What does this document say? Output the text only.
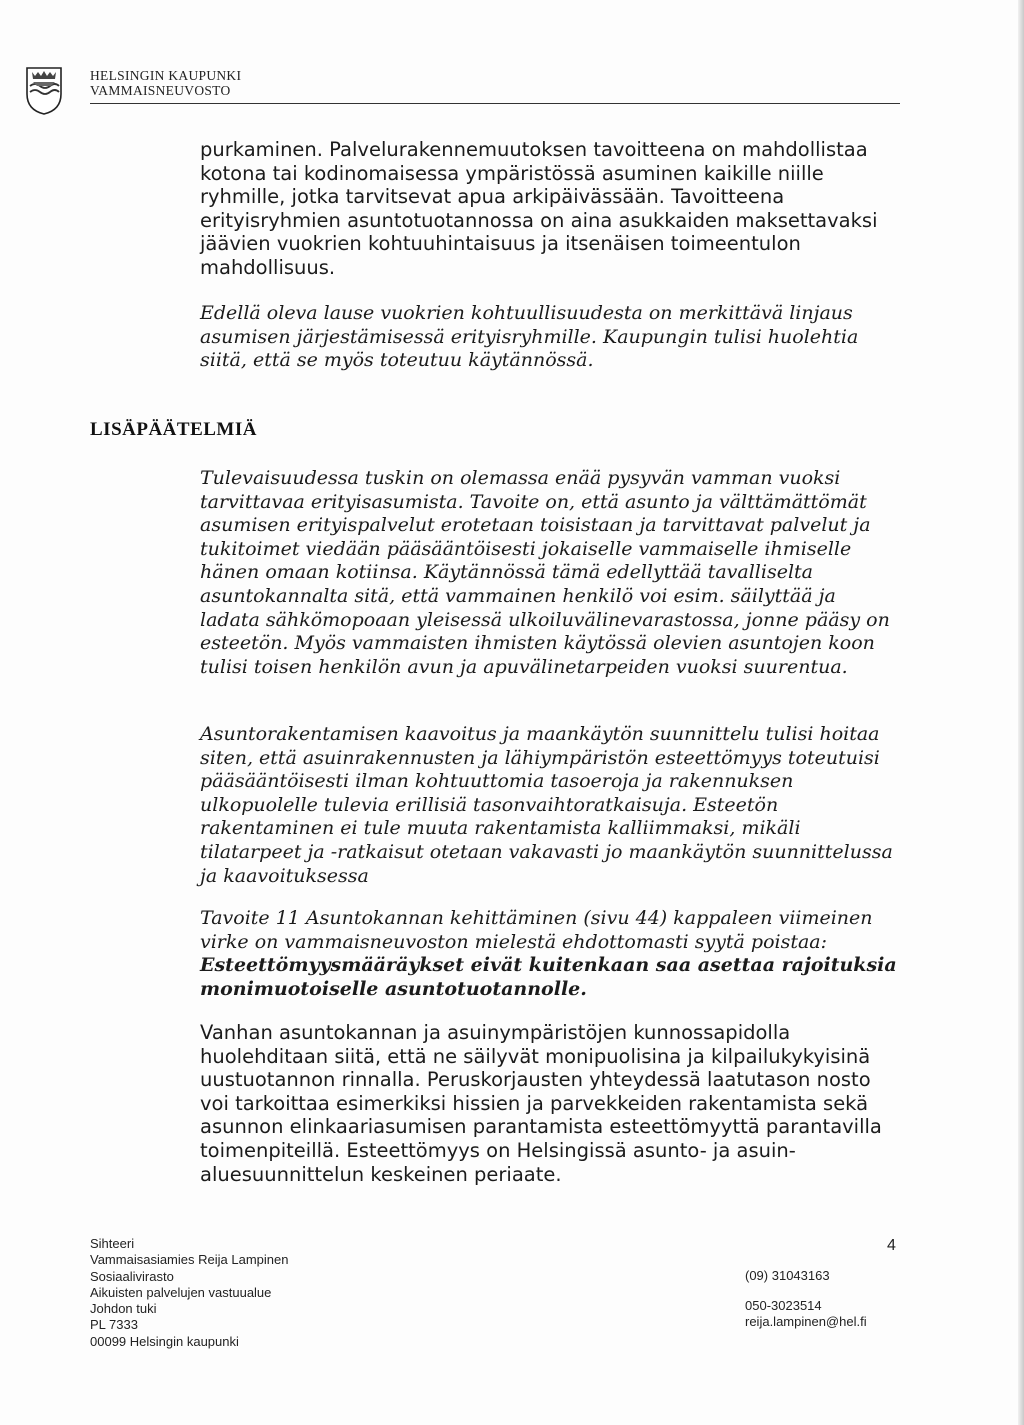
HELSINGIN KAUPUNKI
VAMMAISNEUVOSTO

purkaminen. Palvelurakennemuutoksen tavoitteena on mahdollistaa kotona tai kodinomaisessa ympäristössä asuminen kaikille niille ryhmille, jotka tarvitsevat apua arkipäivässään. Tavoitteena erityisryhmien asuntotuotannossa on aina asukkaiden maksettavaksi jäävien vuokrien kohtuuhintaisuus ja itsenäisen toimeentulon mahdollisuus.

Edellä oleva lause vuokrien kohtuullisuudesta on merkittävä linjaus asumisen järjestämisessä erityisryhmille. Kaupungin tulisi huolehtia siitä, että se myös toteutuu käytännössä.

LISÄPÄÄTELMIÄ

Tulevaisuudessa tuskin on olemassa enää pysyvän vamman vuoksi tarvittavaa erityisasumista. Tavoite on, että asunto ja välttämättömät asumisen erityispalvelut erotetaan toisistaan ja tarvittavat palvelut ja tukitoimet viedään pääsääntöisesti jokaiselle vammaiselle ihmiselle hänen omaan kotiinsa. Käytännössä tämä edellyttää tavalliselta asuntokannalta sitä, että vammainen henkilö voi esim. säilyttää ja ladata sähkömopoaan yleisessä ulkoiluvälinevarastossa, jonne pääsy on esteetön. Myös vammaisten ihmisten käytössä olevien asuntojen koon tulisi toisen henkilön avun ja apuvälinetarpeiden vuoksi suurentua.

Asuntorakentamisen kaavoitus ja maankäytön suunnittelu tulisi hoitaa siten, että asuinrakennusten ja lähiympäristön esteettömyys toteutuisi pääsääntöisesti ilman kohtuuttomia tasoeroja ja rakennuksen ulkopuolelle tulevia erillisiä tasonvaihtoratkaisuja. Esteetön rakentaminen ei tule muuta rakentamista kalliimmaksi, mikäli tilatarpeet ja -ratkaisut otetaan vakavasti jo maankäytön suunnittelussa ja kaavoituksessa

Tavoite 11 Asuntokannan kehittäminen (sivu 44) kappaleen viimeinen virke on vammaisneuvoston mielestä ehdottomasti syytä poistaa: Esteettömyysmääräykset eivät kuitenkaan saa asettaa rajoituksia monimuotoiselle asuntotuotannolle.

Vanhan asuntokannan ja asuinympäristöjen kunnossapidolla huolehditaan siitä, että ne säilyvät monipuolisina ja kilpailukykyisinä uustuotannon rinnalla. Peruskorjausten yhteydessä laatutason nosto voi tarkoittaa esimerkiksi hissien ja parvekkeiden rakentamista sekä asunnon elinkaariasumisen parantamista esteettömyyttä parantavilla toimenpiteillä. Esteettömyys on Helsingissä asunto- ja asuin-aluesuunnittelun keskeinen periaate.

Sihteeri
Vammaisasiamies Reija Lampinen
Sosiaalivirasto
Aikuisten palvelujen vastuualue
Johdon tuki
PL 7333
00099 Helsingin kaupunki
4
(09) 31043163
050-3023514
reija.lampinen@hel.fi
